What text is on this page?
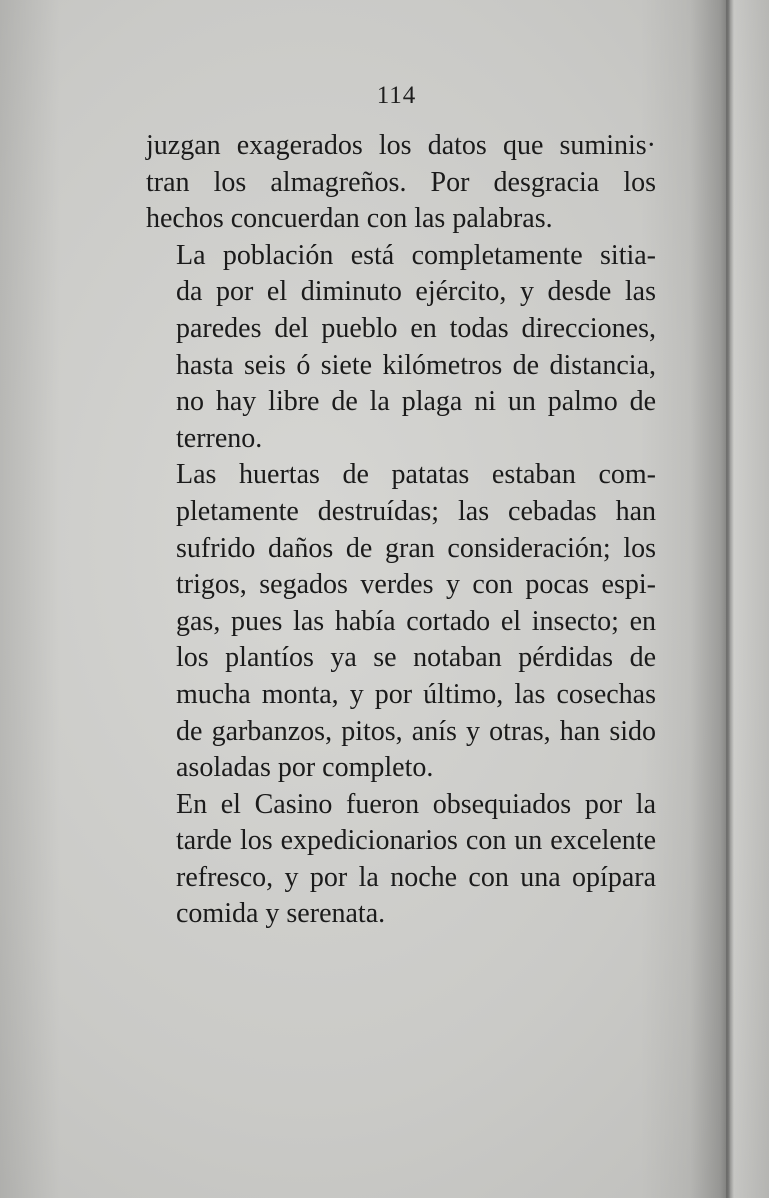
114

juzgan exagerados los datos que suminis·
tran los almagreños. Por desgracia los
hechos concuerdan con las palabras.

La población está completamente sitia-
da por el diminuto ejército, y desde las
paredes del pueblo en todas direcciones,
hasta seis ó siete kilómetros de distancia,
no hay libre de la plaga ni un palmo de
terreno.

Las huertas de patatas estaban com-
pletamente destruídas; las cebadas han
sufrido daños de gran consideración; los
trigos, segados verdes y con pocas espi-
gas, pues las había cortado el insecto; en
los plantíos ya se notaban pérdidas de
mucha monta, y por último, las cosechas
de garbanzos, pitos, anís y otras, han sido
asoladas por completo.

En el Casino fueron obsequiados por la
tarde los expedicionarios con un excelente
refresco, y por la noche con una opípara
comida y serenata.
